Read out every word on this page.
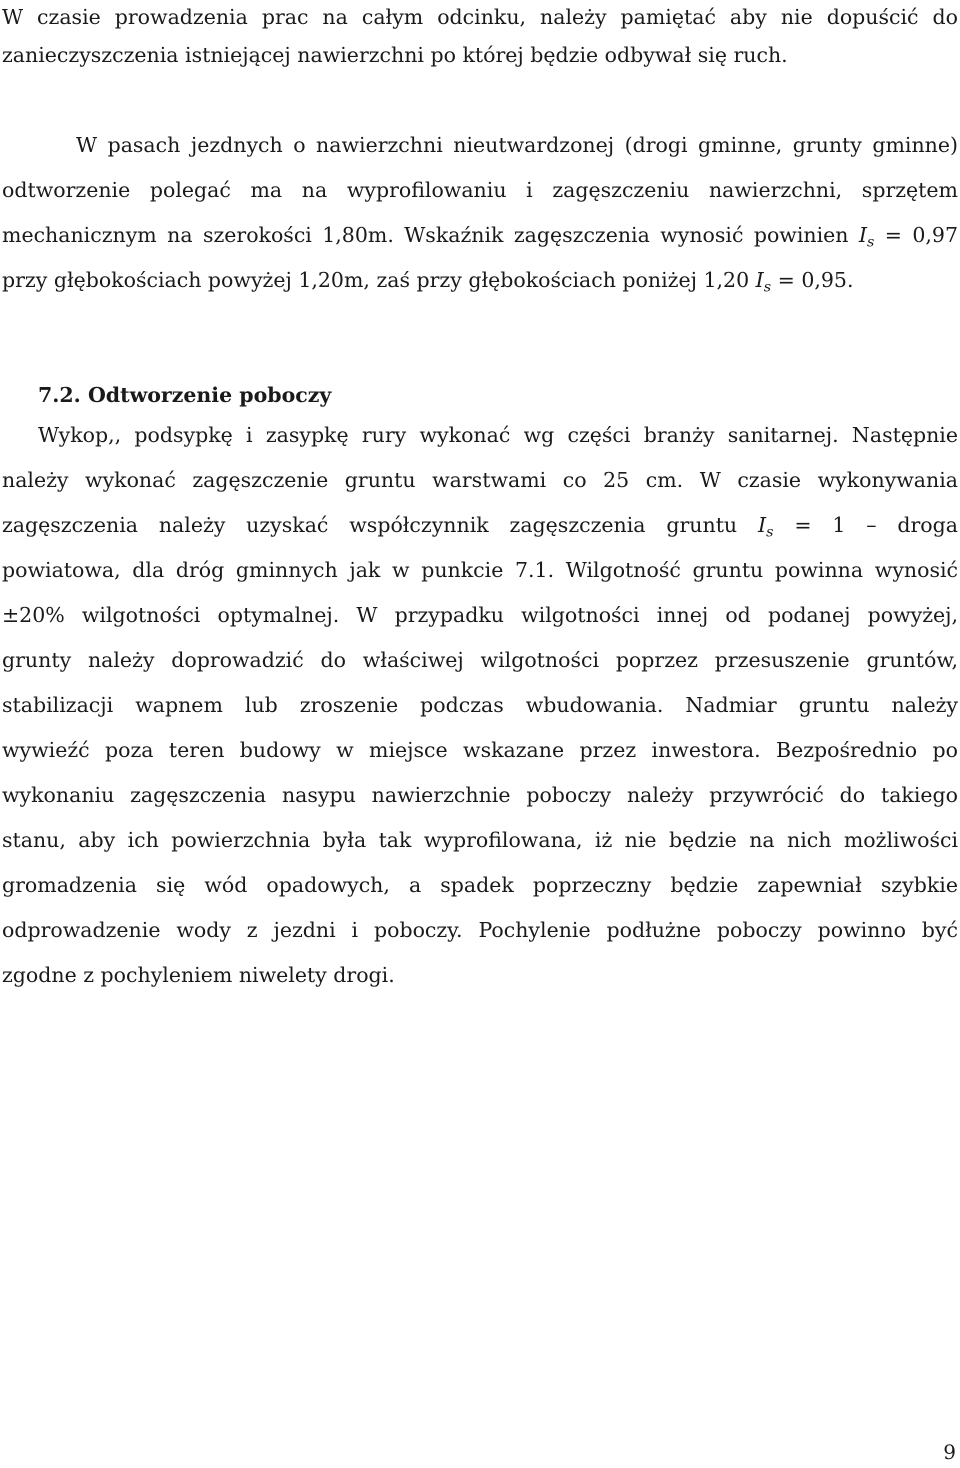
W czasie prowadzenia prac na całym odcinku, należy pamiętać aby nie dopuścić do
zanieczyszczenia istniejącej nawierzchni po której będzie odbywał się ruch.
W pasach jezdnych o nawierzchni nieutwardzonej (drogi gminne, grunty gminne)
odtworzenie polegać ma na wyprofilowaniu i zagęszczeniu nawierzchni, sprzętem
mechanicznym na szerokości 1,80m. Wskaźnik zagęszczenia wynosić powinien $I_s = 0,97$
przy głębokościach powyżej 1,20m, zaś przy głębokościach poniżej 1,20 $I_s = 0,95$.
7.2. Odtworzenie poboczy
Wykop,, podsypkę i zasypkę rury wykonać wg części branży sanitarnej. Następnie
należy wykonać zagęszczenie gruntu warstwami co 25 cm. W czasie wykonywania
zagęszczenia należy uzyskać współczynnik zagęszczenia gruntu $I_s = 1$ – droga
powiatowa, dla dróg gminnych jak w punkcie 7.1. Wilgotność gruntu powinna wynosić
±20% wilgotności optymalnej. W przypadku wilgotności innej od podanej powyżej,
grunty należy doprowadzić do właściwej wilgotności poprzez przesuszenie gruntów,
stabilizacji wapnem lub zroszenie podczas wbudowania. Nadmiar gruntu należy
wywieźć poza teren budowy w miejsce wskazane przez inwestora. Bezpośrednio po
wykonaniu zagęszczenia nasypu nawierzchnie poboczy należy przywrócić do takiego
stanu, aby ich powierzchnia była tak wyprofilowana, iż nie będzie na nich możliwości
gromadzenia się wód opadowych, a spadek poprzeczny będzie zapewniał szybkie
odprowadzenie wody z jezdni i poboczy. Pochylenie podłużne poboczy powinno być
zgodne z pochyleniem niwelety drogi.
9
